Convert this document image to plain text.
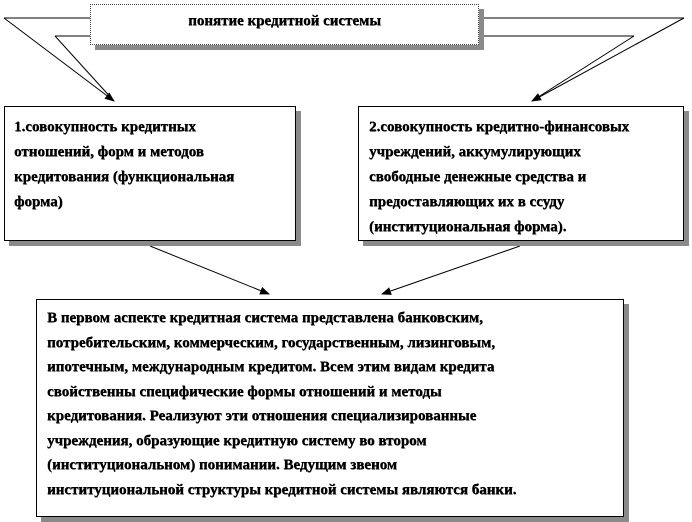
понятие кредитной системы
1.совокупность кредитных
отношений, форм и методов
кредитования (функциональная
форма)
2.совокупность кредитно-финансовых
учреждений, аккумулирующих
свободные денежные средства и
предоставляющих их в ссуду
(институциональная форма).
В первом аспекте кредитная система представлена банковским,
потребительским, коммерческим, государственным, лизинговым,
ипотечным, международным кредитом. Всем этим видам кредита
свойственны специфические формы отношений и методы
кредитования. Реализуют эти отношения специализированные
учреждения, образующие кредитную систему во втором
(институциональном) понимании. Ведущим звеном
институциональной структуры кредитной системы являются банки.
